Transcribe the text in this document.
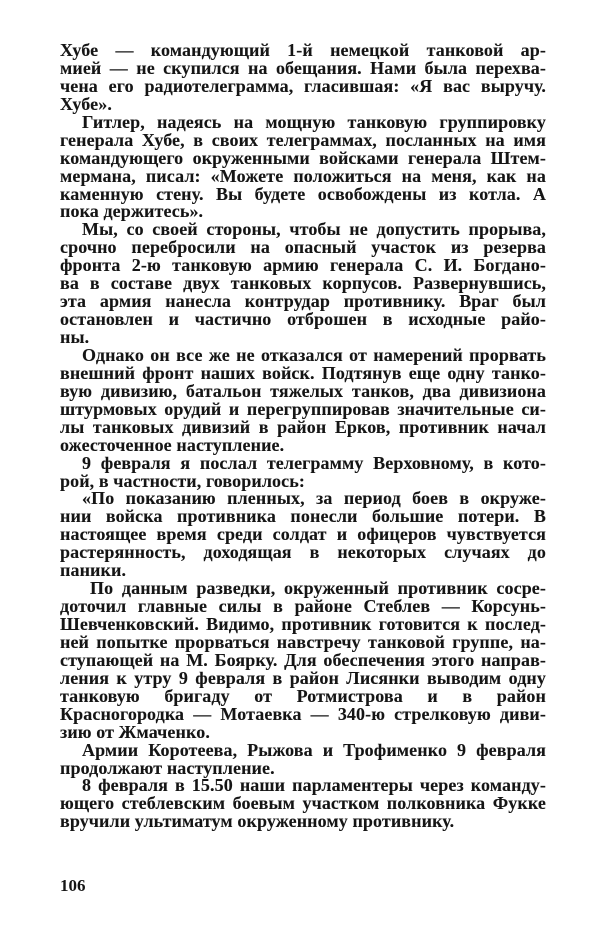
Хубе — командующий 1-й немецкой танковой ар-
мией — не скупился на обещания. Нами была перехва-
чена его радиотелеграмма, гласившая: «Я вас выручу.
Хубе».
Гитлер, надеясь на мощную танковую группировку
генерала Хубе, в своих телеграммах, посланных на имя
командующего окруженными войсками генерала Штем-
мермана, писал: «Можете положиться на меня, как на
каменную стену. Вы будете освобождены из котла. А
пока держитесь».
Мы, со своей стороны, чтобы не допустить прорыва,
срочно перебросили на опасный участок из резерва
фронта 2-ю танковую армию генерала С. И. Богдано-
ва в составе двух танковых корпусов. Развернувшись,
эта армия нанесла контрудар противнику. Враг был
остановлен и частично отброшен в исходные райо-
ны.
Однако он все же не отказался от намерений прорвать
внешний фронт наших войск. Подтянув еще одну танко-
вую дивизию, батальон тяжелых танков, два дивизиона
штурмовых орудий и перегруппировав значительные си-
лы танковых дивизий в район Ерков, противник начал
ожесточенное наступление.
9 февраля я послал телеграмму Верховному, в кото-
рой, в частности, говорилось:
«По показанию пленных, за период боев в окруже-
нии войска противника понесли большие потери. В
настоящее время среди солдат и офицеров чувствуется
растерянность, доходящая в некоторых случаях до
паники.
По данным разведки, окруженный противник сосре-
доточил главные силы в районе Стеблев — Корсунь-
Шевченковский. Видимо, противник готовится к послед-
ней попытке прорваться навстречу танковой группе, на-
ступающей на М. Боярку. Для обеспечения этого направ-
ления к утру 9 февраля в район Лисянки выводим одну
танковую бригаду от Ротмистрова и в район
Красногородка — Мотаевка — 340-ю стрелковую диви-
зию от Жмаченко.
Армии Коротеева, Рыжова и Трофименко 9 февраля
продолжают наступление.
8 февраля в 15.50 наши парламентеры через команду-
ющего стеблевским боевым участком полковника Фукке
вручили ультиматум окруженному противнику.
106
